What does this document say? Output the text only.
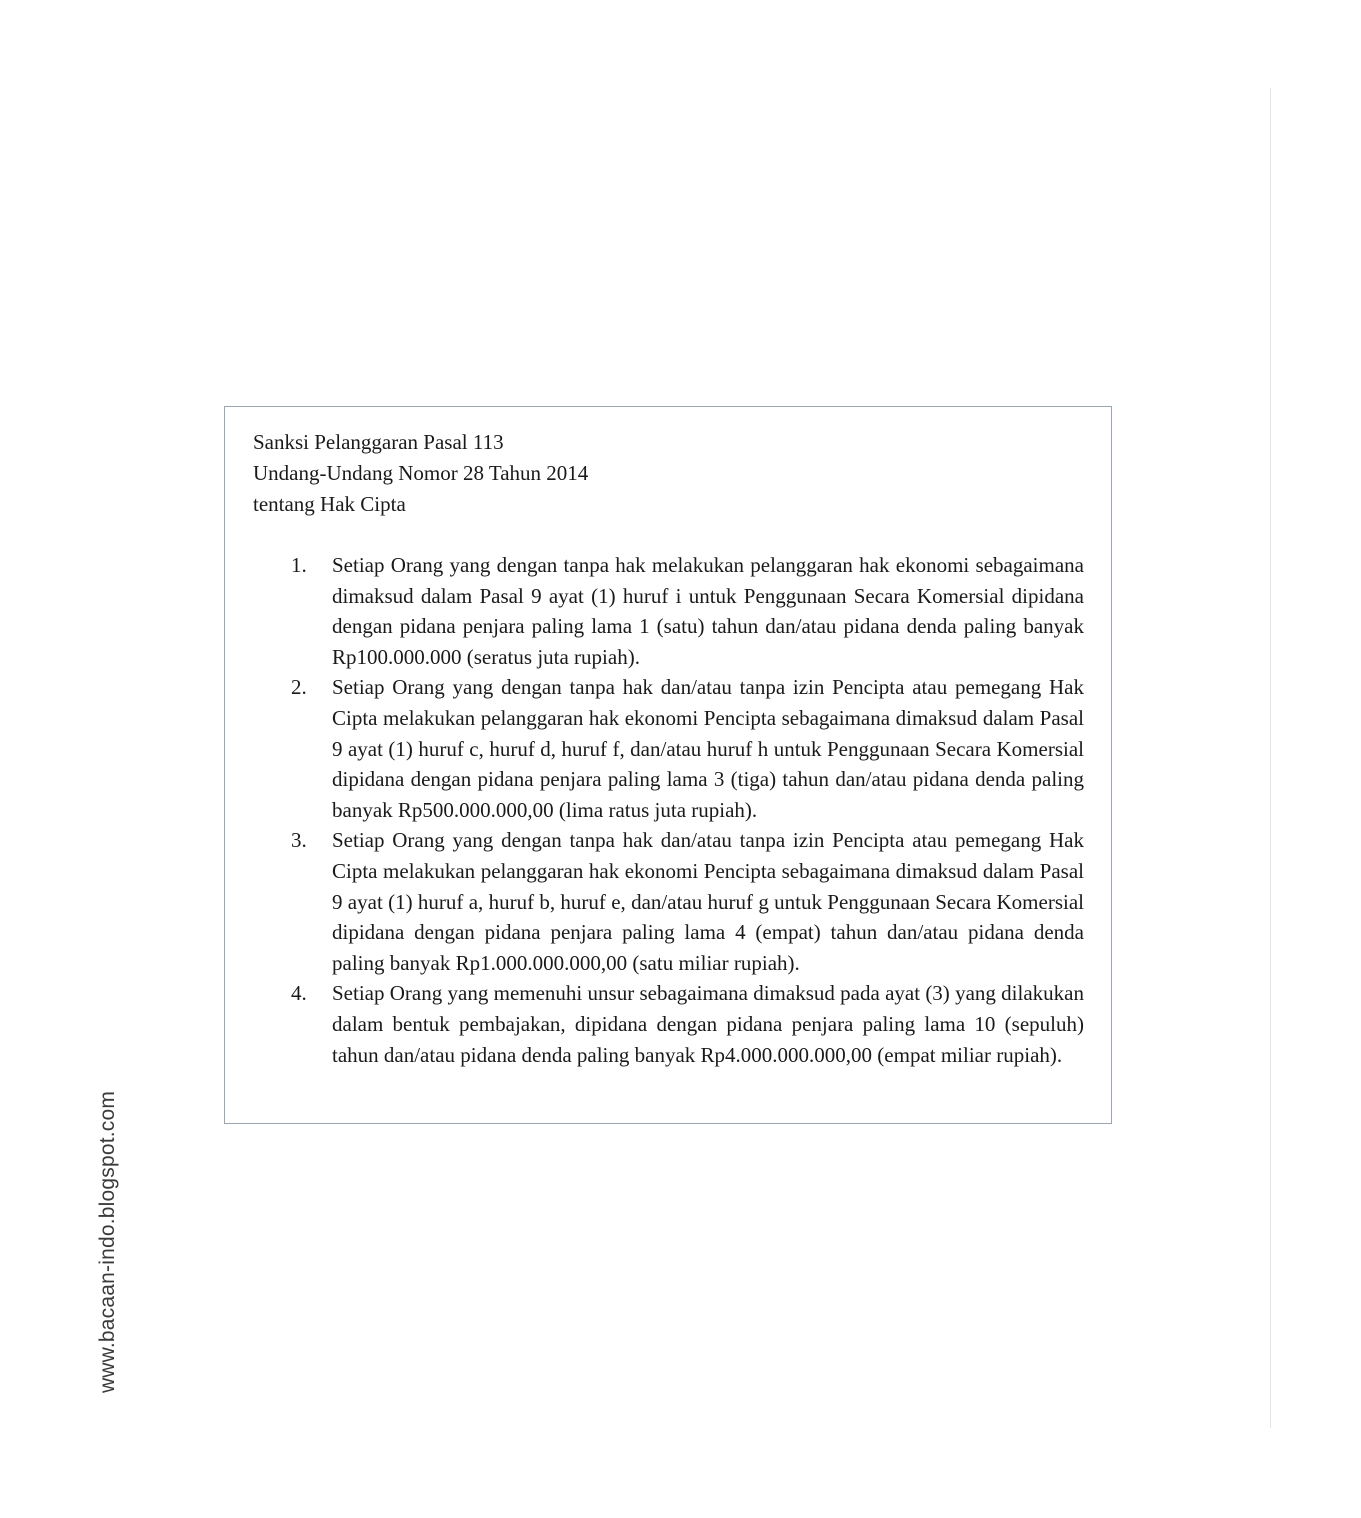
Sanksi Pelanggaran Pasal 113
Undang-Undang Nomor 28 Tahun 2014
tentang Hak Cipta
1.	Setiap Orang yang dengan tanpa hak melakukan pelanggaran hak ekonomi sebagaimana dimaksud dalam Pasal 9 ayat (1) huruf i untuk Penggunaan Secara Komersial dipidana dengan pidana penjara paling lama 1 (satu) tahun dan/atau pidana denda paling banyak Rp100.000.000 (seratus juta rupiah).
2.	Setiap Orang yang dengan tanpa hak dan/atau tanpa izin Pencipta atau pemegang Hak Cipta melakukan pelanggaran hak ekonomi Pencipta sebagaimana dimaksud dalam Pasal 9 ayat (1) huruf c, huruf d, huruf f, dan/atau huruf h untuk Penggunaan Secara Komersial dipidana dengan pidana penjara paling lama 3 (tiga) tahun dan/atau pidana denda paling banyak Rp500.000.000,00 (lima ratus juta rupiah).
3.	Setiap Orang yang dengan tanpa hak dan/atau tanpa izin Pencipta atau pemegang Hak Cipta melakukan pelanggaran hak ekonomi Pencipta sebagaimana dimaksud dalam Pasal 9 ayat (1) huruf a, huruf b, huruf e, dan/atau huruf g untuk Penggunaan Secara Komersial dipidana dengan pidana penjara paling lama 4 (empat) tahun dan/atau pidana denda paling banyak Rp1.000.000.000,00 (satu miliar rupiah).
4.	Setiap Orang yang memenuhi unsur sebagaimana dimaksud pada ayat (3) yang dilakukan dalam bentuk pembajakan, dipidana dengan pidana penjara paling lama 10 (sepuluh) tahun dan/atau pidana denda paling banyak Rp4.000.000.000,00 (empat miliar rupiah).
www.bacaan-indo.blogspot.com
